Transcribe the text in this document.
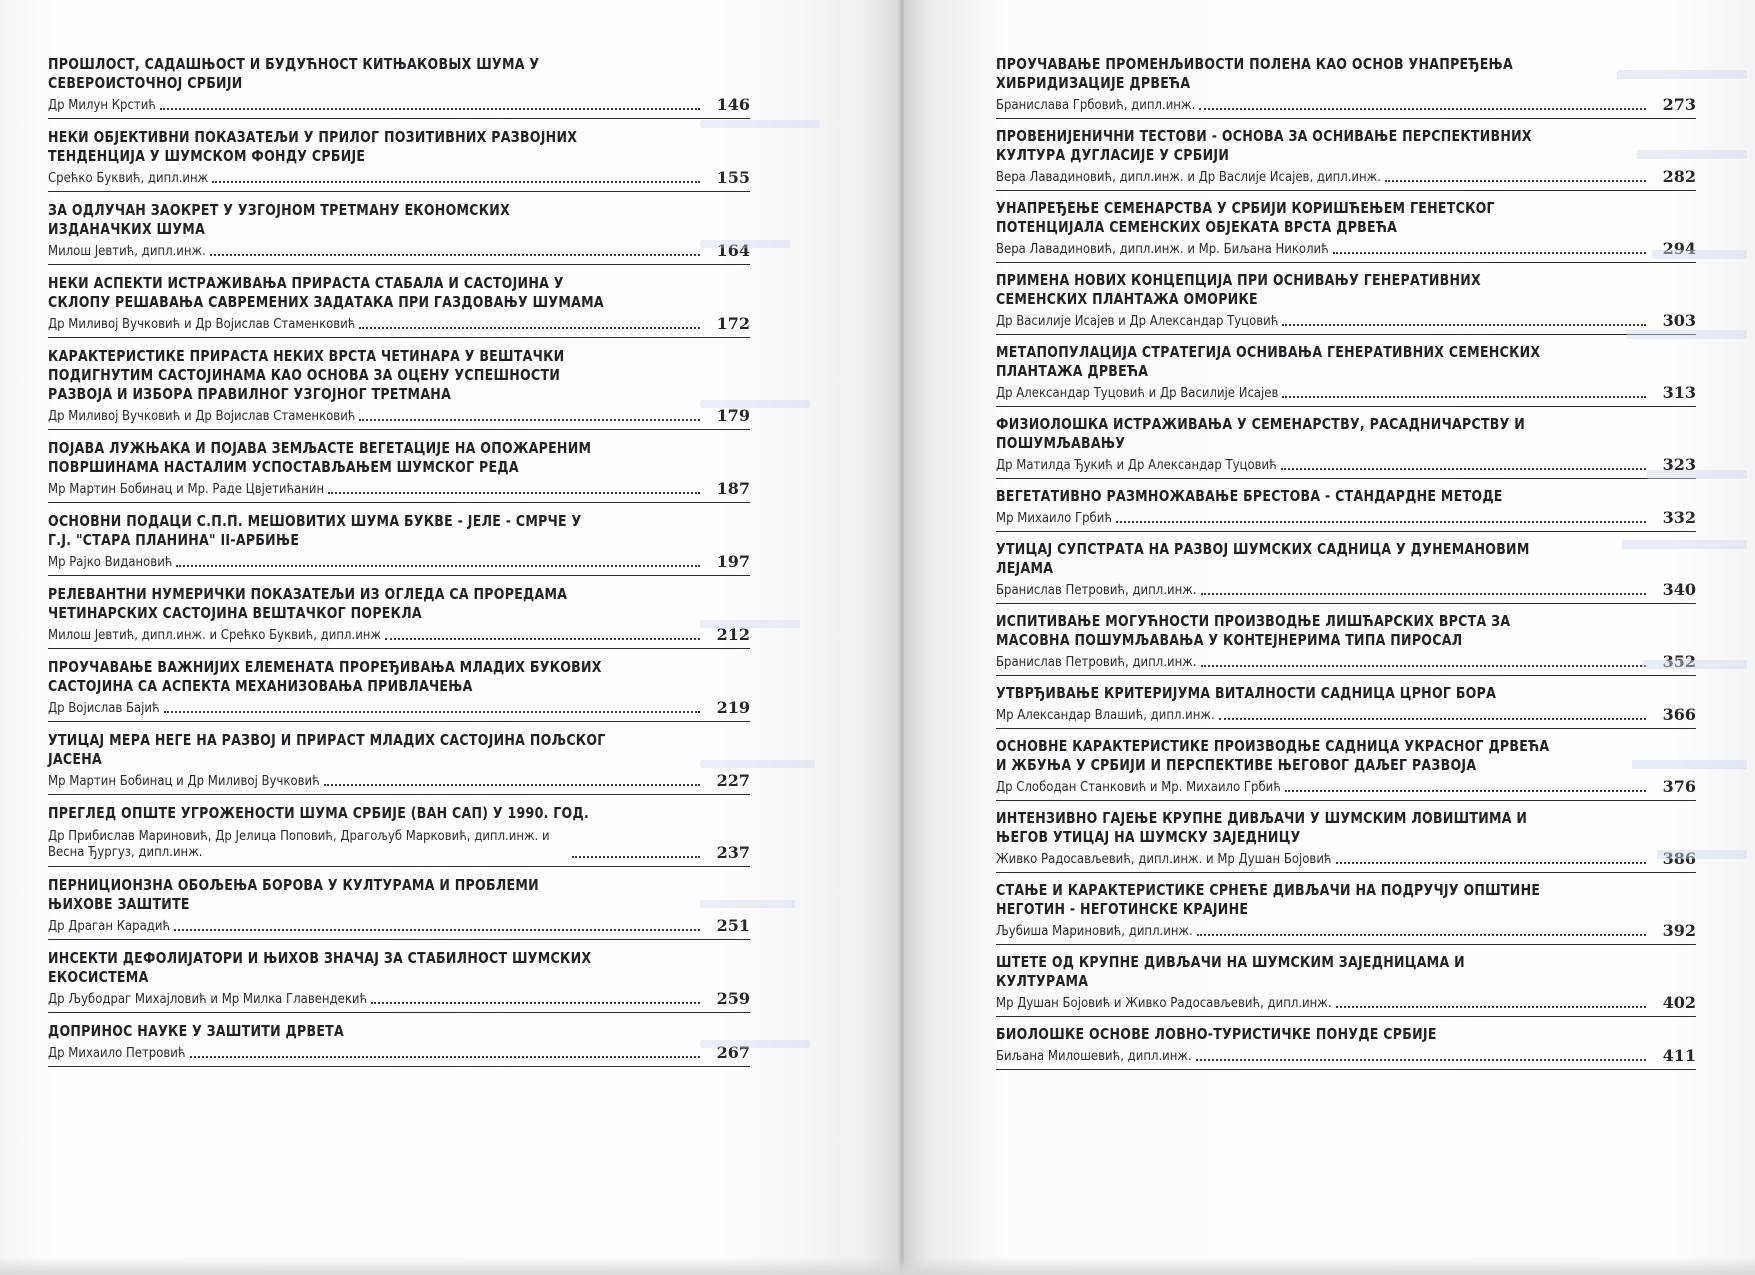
ПРОШЛОСТ, САДАШЊОСТ И БУДУЋНОСТ КИТЊАКОВЫХ ШУМА У СЕВЕРОИСТОЧНОЈ СРБИЈИ
Др Милун Крстић	146
НЕКИ ОБЈЕКТИВНИ ПОКАЗАТЕЉИ У ПРИЛОГ ПОЗИТИВНИХ РАЗВОЈНИХ ТЕНДЕНЦИЈА У ШУМСКОМ ФОНДУ СРБИЈЕ
Срећко Буквић, дипл.инж	155
ЗА ОДЛУЧАН ЗАОКРЕТ У УЗГОЈНОМ ТРЕТМАНУ ЕКОНОМСКИХ ИЗДАНАЧКИХ ШУМА
Милош Јевтић, дипл.инж.	164
НЕКИ АСПЕКТИ ИСТРАЖИВАЊА ПРИРАСТА СТАБАЛА И САСТОЈИНА У СКЛОПУ РЕШАВАЊА САВРЕМЕНИХ ЗАДАТАКА ПРИ ГАЗДОВАЊУ ШУМАМА
Др Миливој Вучковић и Др Војислав Стаменковић	172
КАРАКТЕРИСТИКЕ ПРИРАСТА НЕКИХ ВРСТА ЧЕТИНАРА У ВЕШТАЧКИ ПОДИГНУТИМ САСТОЈИНАМА КАО ОСНОВА ЗА ОЦЕНУ УСПЕШНОСТИ РАЗВОЈА И ИЗБОРА ПРАВИЛНОГ УЗГОЈНОГ ТРЕТМАНА
Др Миливој Вучковић и Др Војислав Стаменковић	179
ПОЈАВА ЛУЖЊАКА И ПОЈАВА ЗЕМЉАСТЕ ВЕГЕТАЦИЈЕ НА ОПОЖАРЕНИМ ПОВРШИНАМА НАСТАЛИМ УСПОСТАВЉАЊЕМ ШУМСКОГ РЕДА
Мр Мартин Бобинац и Мр. Раде Цвјетићанин	187
ОСНОВНИ ПОДАЦИ С.П.П. МЕШОВИТИХ ШУМА БУКВЕ - ЈЕЛЕ - СМРЧЕ У Г.Ј. "СТАРА ПЛАНИНА" II-АРБИЊЕ
Мр Рајко Видановић	197
РЕЛЕВАНТНИ НУМЕРИЧКИ ПОКАЗАТЕЉИ ИЗ ОГЛЕДА СА ПРОРЕДАМА ЧЕТИНАРСКИХ САСТОЈИНА ВЕШТАЧКОГ ПОРЕКЛА
Милош Јевтић, дипл.инж. и Срећко Буквић, дипл.инж	212
ПРОУЧАВАЊЕ ВАЖНИЈИХ ЕЛЕМЕНАТА ПРОРЕЂИВАЊА МЛАДИХ БУКОВИХ САСТОЈИНА СА АСПЕКТА МЕХАНИЗОВАЊА ПРИВЛАЧЕЊА
Др Војислав Бајић	219
УТИЦАЈ МЕРА НЕГЕ НА РАЗВОЈ И ПРИРАСТ МЛАДИХ САСТОЈИНА ПОЉСКОГ ЈАСЕНА
Мр Мартин Бобинац и Др Миливој Вучковић	227
ПРЕГЛЕД ОПШТЕ УГРОЖЕНОСТИ ШУМА СРБИЈЕ (ВАН САП) У 1990. ГОД.
Др Прибислав Мариновић, Др Јелица Поповић, Драгољуб Марковић, дипл.инж. и Весна Ђургуз, дипл.инж.	237
ПЕРНИЦИОНЗНА ОБОЉЕЊА БОРОВА У КУЛТУРАМА И ПРОБЛЕМИ ЊИХОВЕ ЗАШТИТЕ
Др Драган Карадић	251
ИНСЕКТИ ДЕФОЛИЈАТОРИ И ЊИХОВ ЗНАЧАЈ ЗА СТАБИЛНОСТ ШУМСКИХ ЕКОСИСТЕМА
Др Љубодраг Михајловић и Мр Милка Главендекић	259
ДОПРИНОС НАУКЕ У ЗАШТИТИ ДРВЕТА
Др Михаило Петровић	267
ПРОУЧАВАЊЕ ПРОМЕНЉИВОСТИ ПОЛЕНА КАО ОСНОВ УНАПРЕЂЕЊА ХИБРИДИЗАЦИЈЕ ДРВЕЋА
Бранислава Грбовић, дипл.инж.	273
ПРОВЕНИЈЕНИЧНИ ТЕСТОВИ - ОСНОВА ЗА ОСНИВАЊЕ ПЕРСПЕКТИВНИХ КУЛТУРА ДУГЛАСИЈЕ У СРБИЈИ
Вера Лавадиновић, дипл.инж. и Др Васлије Исајев, дипл.инж.	282
УНАПРЕЂЕЊЕ СЕМЕНАРСТВА У СРБИЈИ КОРИШЋЕЊЕМ ГЕНЕТСКОГ ПОТЕНЦИЈАЛА СЕМЕНСКИХ ОБЈЕКАТА ВРСТА ДРВЕЋА
Вера Лавадиновић, дипл.инж. и Мр. Биљана Николић	294
ПРИМЕНА НОВИХ КОНЦЕПЦИЈА ПРИ ОСНИВАЊУ ГЕНЕРАТИВНИХ СЕМЕНСКИХ ПЛАНТАЖА ОМОРИКЕ
Др Василије Исајев и Др Александар Туцовић	303
МЕТАПОПУЛАЦИЈА СТРАТЕГИЈА ОСНИВАЊА ГЕНЕРАТИВНИХ СЕМЕНСКИХ ПЛАНТАЖА ДРВЕЋА
Др Александар Туцовић и Др Василије Исајев	313
ФИЗИОЛОШКА ИСТРАЖИВАЊА У СЕМЕНАРСТВУ, РАСАДНИЧАРСТВУ И ПОШУМЉАВАЊУ
Др Матилда Ђукић и Др Александар Туцовић	323
ВЕГЕТАТИВНО РАЗМНОЖАВАЊЕ БРЕСТОВА - СТАНДАРДНЕ МЕТОДЕ
Мр Михаило Грбић	332
УТИЦАЈ СУПСТРАТА НА РАЗВОЈ ШУМСКИХ САДНИЦА У ДУНЕМАНОВИМ ЛЕЈАМА
Бранислав Петровић, дипл.инж.	340
ИСПИТИВАЊЕ МОГУЋНОСТИ ПРОИЗВОДЊЕ ЛИШЋАРСКИХ ВРСТА ЗА МАСОВНА ПОШУМЉАВАЊА У КОНТЕЈНЕРИМА ТИПА ПИРОСАЛ
Бранислав Петровић, дипл.инж.	352
УТВРЂИВАЊЕ КРИТЕРИЈУМА ВИТАЛНОСТИ САДНИЦА ЦРНОГ БОРА
Мр Александар Влашић, дипл.инж.	366
ОСНОВНЕ КАРАКТЕРИСТИКЕ ПРОИЗВОДЊЕ САДНИЦА УКРАСНОГ ДРВЕЋА И ЖБУЊА У СРБИЈИ И ПЕРСПЕКТИВЕ ЊЕГОВОГ ДАЉЕГ РАЗВОЈА
Др Слободан Станковић и Мр. Михаило Грбић	376
ИНТЕНЗИВНО ГАЈЕЊЕ КРУПНЕ ДИВЉАЧИ У ШУМСКИМ ЛОВИШТИМА И ЊЕГОВ УТИЦАЈ НА ШУМСКУ ЗАЈЕДНИЦУ
Живко Радосављевић, дипл.инж. и Мр Душан Бојовић	386
СТАЊЕ И КАРАКТЕРИСТИКЕ СРНЕЋЕ ДИВЉАЧИ НА ПОДРУЧЈУ ОПШТИНЕ НЕГОТИН - НЕГОТИНСКЕ КРАЈИНЕ
Љубиша Мариновић, дипл.инж.	392
ШТЕТЕ ОД КРУПНЕ ДИВЉАЧИ НА ШУМСКИМ ЗАЈЕДНИЦАМА И КУЛТУРАМА
Мр Душан Бојовић и Живко Радосављевић, дипл.инж.	402
БИОЛОШКЕ ОСНОВЕ ЛОВНО-ТУРИСТИЧКЕ ПОНУДЕ СРБИЈЕ
Биљана Милошевић, дипл.инж.	411
